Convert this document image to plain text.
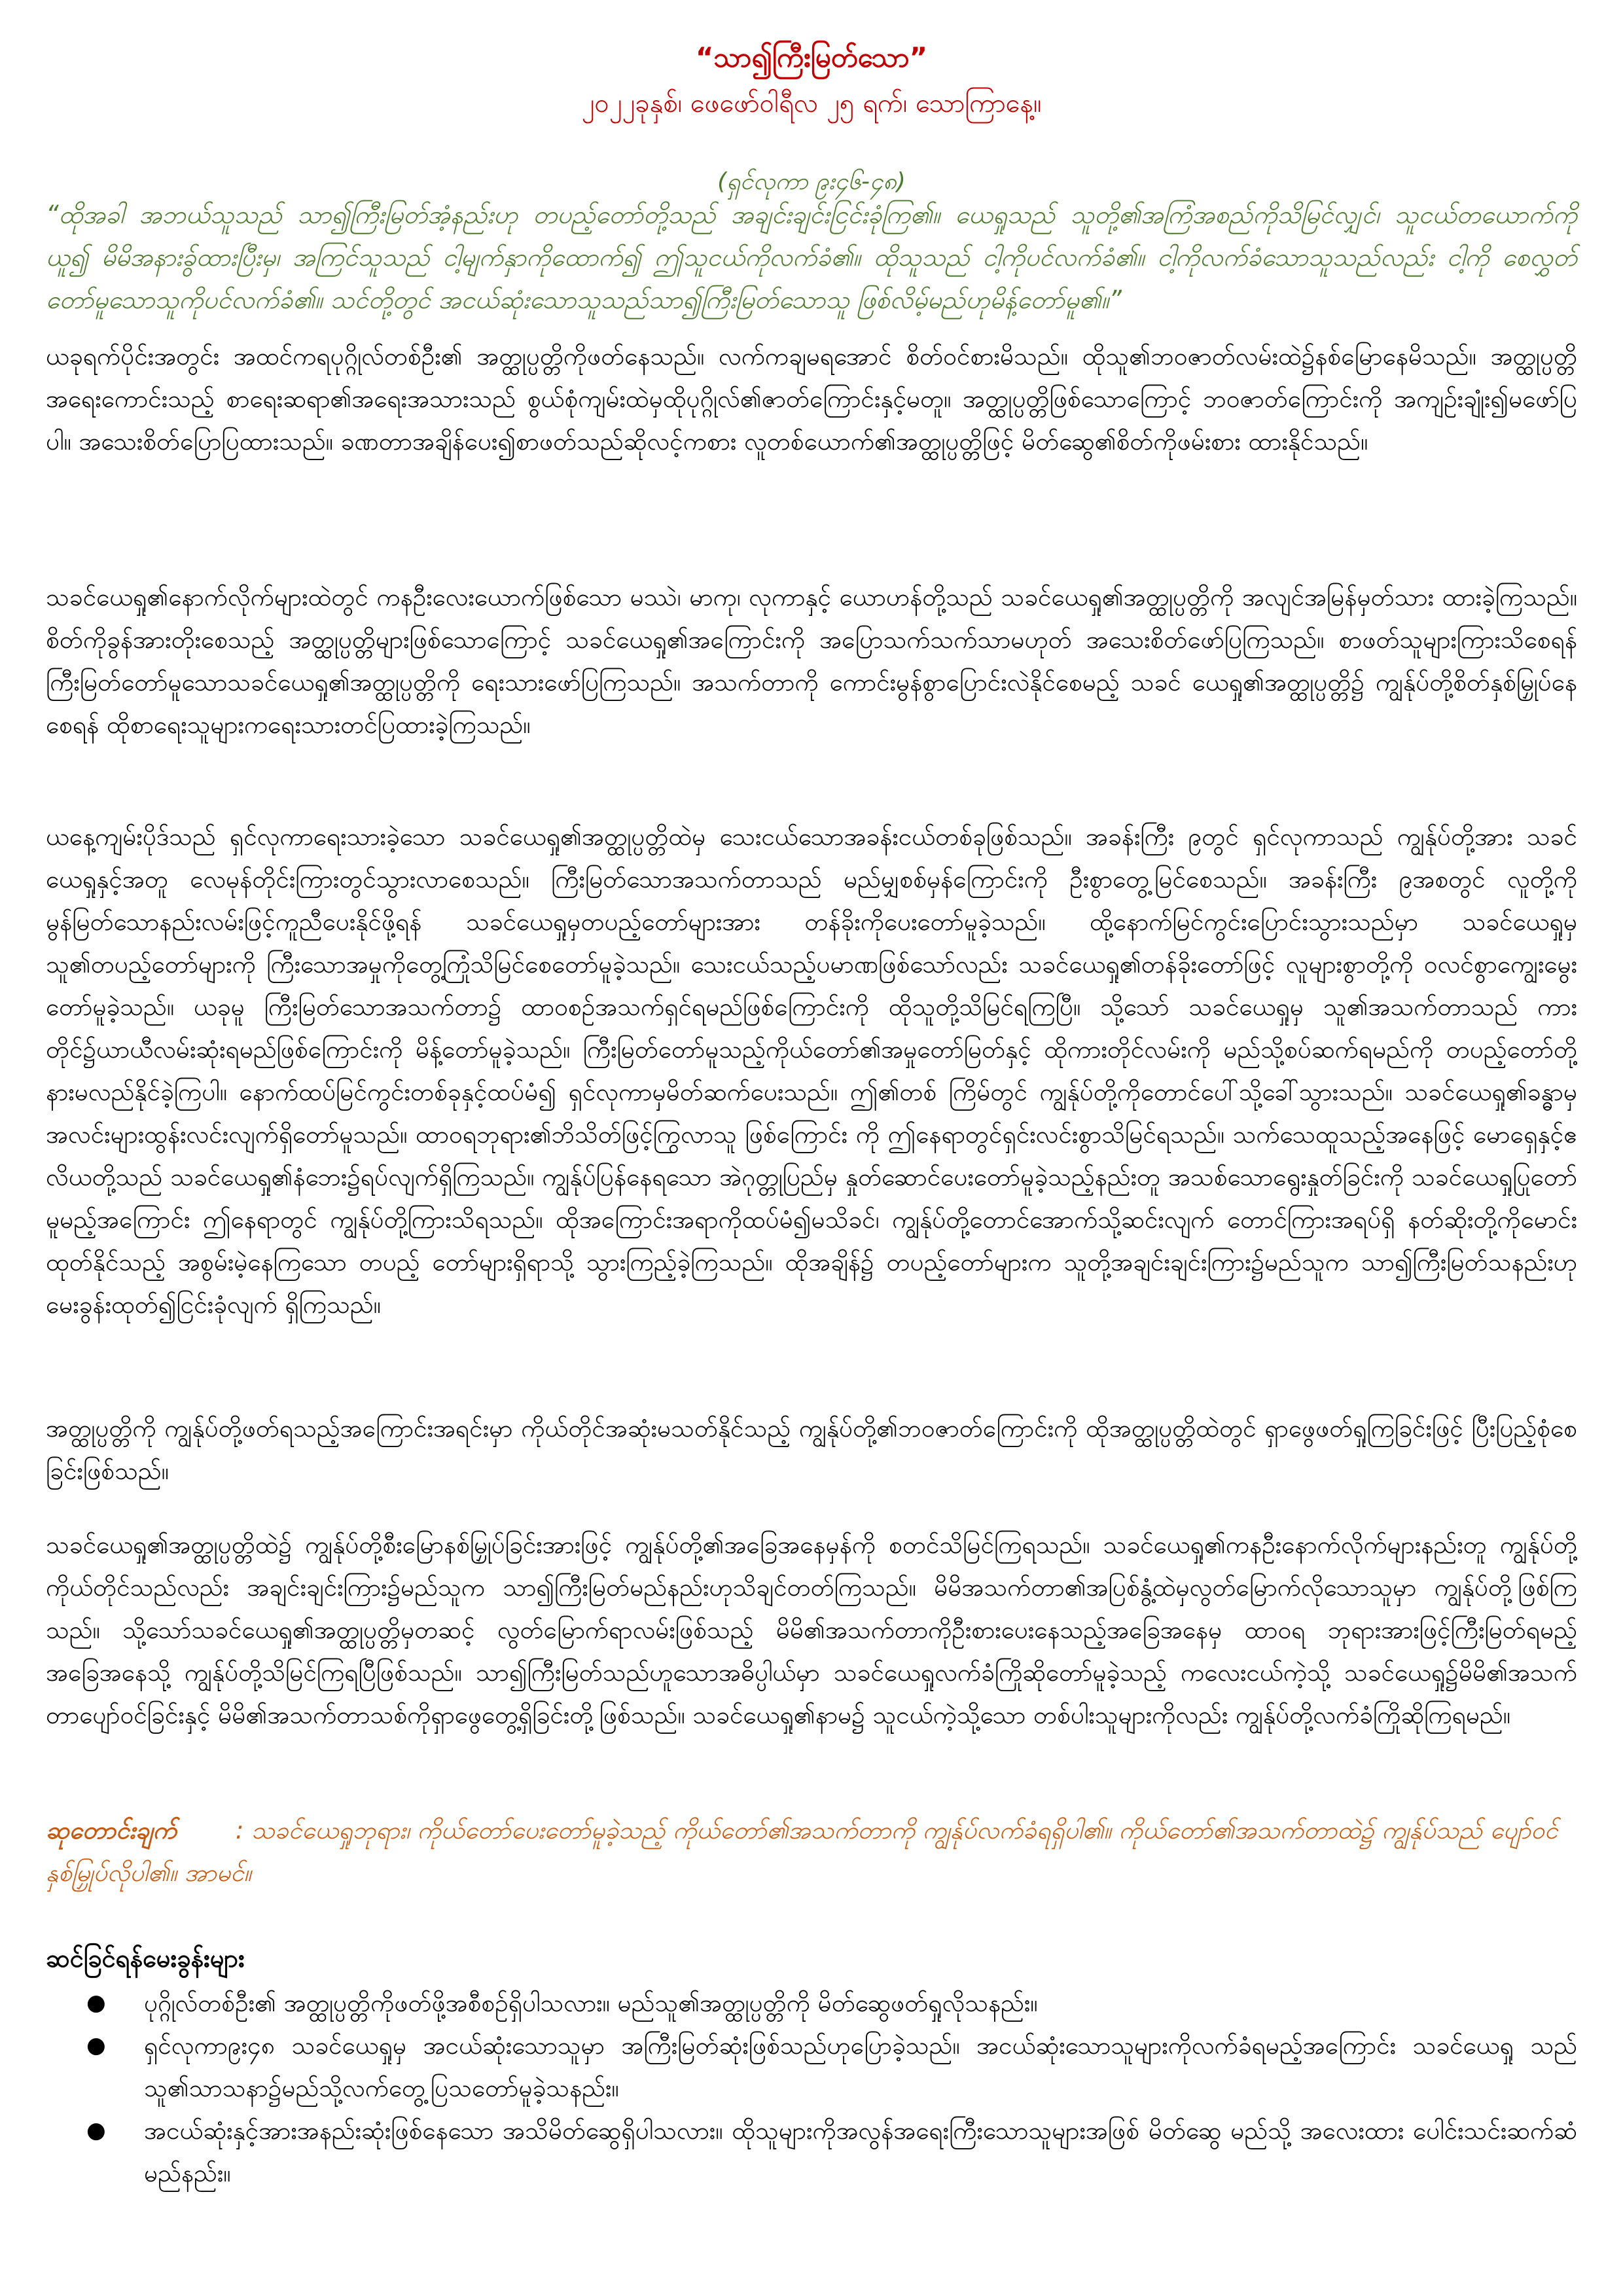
“သာ၍ကြီးမြတ်သော”
၂၀၂၂ခုနှစ်၊ ဖေဖော်ဝါရီလ ၂၅ ရက်၊ သောကြာနေ့။
(ရှင်လုကာ ၉း၄၆-၄၈)
“ထိုအခါ အဘယ်သူသည် သာ၍ကြီးမြတ်အံ့နည်းဟု တပည့်တော်တို့သည် အချင်းချင်းငြင်းခုံကြ၏။ ယေရှုသည် သူတို့၏အကြံအစည်ကိုသိမြင်လျှင်၊ သူငယ်တယောက်ကို ယူ၍ မိမိအနားခွ်ထားပြီးမှ၊ အကြင်သူသည် ငါ့မျက်နှာကိုထောက်၍ ဤသူငယ်ကိုလက်ခံ၏။ ထိုသူသည် ငါ့ကိုပင်လက်ခံ၏။ ငါ့ကိုလက်ခံသောသူသည်လည်း ငါ့ကို စေလွှတ်တော်မူသောသူကိုပင်လက်ခံ၏။ သင်တို့တွင် အငယ်ဆုံးသောသူသည်သာ၍ကြီးမြတ်သောသူ ဖြစ်လိမ့်မည်ဟုမိန့်တော်မူ၏။”
ယခုရက်ပိုင်းအတွင်း အထင်ကရပုဂ္ဂိုလ်တစ်ဦး၏ အတ္ထုပ္ပတ္တိကိုဖတ်နေသည်။ လက်ကချမရအောင် စိတ်ဝင်စားမိသည်။ ထိုသူ၏ဘဝဇာတ်လမ်းထဲ၌နစ်မြောနေမိသည်။ အတ္ထုပ္ပတ္တိအရေးကောင်းသည့် စာရေးဆရာ၏အရေးအသားသည် စွယ်စုံကျမ်းထဲမှထိုပုဂ္ဂိုလ်၏ဇာတ်ကြောင်းနှင့်မတူ။ အတ္ထုပ္ပတ္တိဖြစ်သောကြောင့် ဘဝဇာတ်ကြောင်းကို အကျဉ်းချုံး၍မဖော်ပြပါ။ အသေးစိတ်ပြောပြထားသည်။ ခဏတာအချိန်ပေး၍စာဖတ်သည်ဆိုလင့်ကစား လူတစ်ယောက်၏အတ္ထုပ္ပတ္တိဖြင့် မိတ်ဆွေ၏စိတ်ကိုဖမ်းစား ထားနိုင်သည်။
သခင်ယေရှု၏နောက်လိုက်များထဲတွင် ကနဦးလေးယောက်ဖြစ်သော မဿဲ၊ မာကု၊ လုကာနှင့် ယောဟန်တို့သည် သခင်ယေရှု၏အတ္ထုပ္ပတ္တိကို အလျင်အမြန်မှတ်သား ထားခဲ့ကြသည်။ စိတ်ကိုခွန်အားတိုးစေသည့် အတ္ထုပ္ပတ္တိများဖြစ်သောကြောင့် သခင်ယေရှု၏အကြောင်းကို အပြောသက်သက်သာမဟုတ် အသေးစိတ်ဖော်ပြကြသည်။ စာဖတ်သူများကြားသိစေရန် ကြီးမြတ်တော်မူသောသခင်ယေရှု၏အတ္ထုပ္ပတ္တိကို ရေးသားဖော်ပြကြသည်။ အသက်တာကို ကောင်းမွန်စွာပြောင်းလဲနိုင်စေမည့် သခင် ယေရှု၏အတ္ထုပ္ပတ္တိ၌ ကျွန်ုပ်တို့စိတ်နှစ်မြှုပ်နေစေရန် ထိုစာရေးသူများကရေးသားတင်ပြထားခဲ့ကြသည်။
ယနေ့ကျမ်းပိုဒ်သည် ရှင်လုကာရေးသားခဲ့သော သခင်ယေရှု၏အတ္ထုပ္ပတ္တိထဲမှ သေးငယ်သောအခန်းငယ်တစ်ခုဖြစ်သည်။ အခန်းကြီး ၉တွင် ရှင်လုကာသည် ကျွန်ုပ်တို့အား သခင်ယေရှုနှင့်အတူ လေမုန်တိုင်းကြားတွင်သွားလာစေသည်။ ကြီးမြတ်သောအသက်တာသည် မည်မျှစစ်မှန်ကြောင်းကို ဦးစွာတွေ့မြင်စေသည်။ အခန်းကြီး ၉အစတွင် လူတို့ကို မွန်မြတ်သောနည်းလမ်းဖြင့်ကူညီပေးနိုင်ဖို့ရန် သခင်ယေရှုမှတပည့်တော်များအား တန်ခိုးကိုပေးတော်မူခဲ့သည်။ ထို့နောက်မြင်ကွင်းပြောင်းသွားသည်မှာ သခင်ယေရှုမှ သူ၏တပည့်တော်များကို ကြီးသောအမှုကိုတွေ့ကြုံသိမြင်စေတော်မူခဲ့သည်။ သေးငယ်သည့်ပမာဏဖြစ်သော်လည်း သခင်ယေရှု၏တန်ခိုးတော်ဖြင့် လူများစွာတို့ကို ဝလင်စွာကျွေးမွေးတော်မူခဲ့သည်။ ယခုမူ ကြီးမြတ်သောအသက်တာ၌ ထာဝစဉ်အသက်ရှင်ရမည်ဖြစ်ကြောင်းကို ထိုသူတို့သိမြင်ရကြပြီ။ သို့သော် သခင်ယေရှုမှ သူ၏အသက်တာသည် ကားတိုင်၌ယာယီလမ်းဆုံးရမည်ဖြစ်ကြောင်းကို မိန့်တော်မူခဲ့သည်။ ကြီးမြတ်တော်မူသည့်ကိုယ်တော်၏အမှုတော်မြတ်နှင့် ထိုကားတိုင်လမ်းကို မည်သို့စပ်ဆက်ရမည်ကို တပည့်တော်တို့နားမလည်နိုင်ခဲ့ကြပါ။ နောက်ထပ်မြင်ကွင်းတစ်ခုနှင့်ထပ်မံ၍ ရှင်လုကာမှမိတ်ဆက်ပေးသည်။ ဤ၏တစ် ကြိမ်တွင် ကျွန်ုပ်တို့ကိုတောင်ပေါ်သို့ခေါ်သွားသည်။ သခင်ယေရှု၏ခန္ဓာမှ အလင်းများထွန်းလင်းလျက်ရှိတော်မူသည်။ ထာဝရဘုရား၏ဘိသိတ်ဖြင့်ကြွလာသူ ဖြစ်ကြောင်း ကို ဤနေရာတွင်ရှင်းလင်းစွာသိမြင်ရသည်။ သက်သေထူသည့်အနေဖြင့် မောရှေနှင့်ဧလိယတို့သည် သခင်ယေရှု၏နံဘေး၌ရပ်လျက်ရှိကြသည်။ ကျွန်ုပ်ပြန်နေရသော အဲဂုတ္တုပြည်မှ နှုတ်ဆောင်ပေးတော်မူခဲ့သည့်နည်းတူ အသစ်သောရွေးနှုတ်ခြင်းကို သခင်ယေရှုပြုတော်မူမည့်အကြောင်း ဤနေရာတွင် ကျွန်ုပ်တို့ကြားသိရသည်။ ထိုအကြောင်းအရာကိုထပ်မံ၍မသိခင်၊ ကျွန်ုပ်တို့တောင်အောက်သို့ဆင်းလျက် တောင်ကြားအရပ်ရှိ နတ်ဆိုးတို့ကိုမောင်းထုတ်နိုင်သည့် အစွမ်းမဲ့နေကြသော တပည့် တော်များရှိရာသို့ သွားကြည့်ခဲ့ကြသည်။ ထိုအချိန်၌ တပည့်တော်များက သူတို့အချင်းချင်းကြား၌မည်သူက သာ၍ကြီးမြတ်သနည်းဟုမေးခွန်းထုတ်၍ငြင်းခုံလျက် ရှိကြသည်။
အတ္ထုပ္ပတ္တိကို ကျွန်ုပ်တို့ဖတ်ရသည့်အကြောင်းအရင်းမှာ ကိုယ်တိုင်အဆုံးမသတ်နိုင်သည့် ကျွန်ုပ်တို့၏ဘဝဇာတ်ကြောင်းကို ထိုအတ္ထုပ္ပတ္တိထဲတွင် ရှာဖွေဖတ်ရှုကြခြင်းဖြင့် ပြီးပြည့်စုံစေခြင်းဖြစ်သည်။
သခင်ယေရှု၏အတ္ထုပ္ပတ္တိထဲ၌ ကျွန်ုပ်တို့စီးမြောနစ်မြှုပ်ခြင်းအားဖြင့် ကျွန်ုပ်တို့၏အခြေအနေမှန်ကို စတင်သိမြင်ကြရသည်။ သခင်ယေရှု၏ကနဦးနောက်လိုက်များနည်းတူ ကျွန်ုပ်တို့ကိုယ်တိုင်သည်လည်း အချင်းချင်းကြား၌မည်သူက သာ၍ကြီးမြတ်မည်နည်းဟုသိချင်တတ်ကြသည်။ မိမိအသက်တာ၏အပြစ်နွံ့ထဲမှလွတ်မြောက်လိုသောသူမှာ ကျွန်ုပ်တို့ဖြစ်ကြသည်။ သို့သော်သခင်ယေရှု၏အတ္ထုပ္ပတ္တိမှတဆင့် လွတ်မြောက်ရာလမ်းဖြစ်သည့် မိမိ၏အသက်တာကိုဦးစားပေးနေသည့်အခြေအနေမှ ထာဝရ ဘုရားအားဖြင့်ကြီးမြတ်ရမည့်အခြေအနေသို့ ကျွန်ုပ်တို့သိမြင်ကြရပြီဖြစ်သည်။ သာ၍ကြီးမြတ်သည်ဟူသောအဓိပ္ပါယ်မှာ သခင်ယေရှုလက်ခံကြိုဆိုတော်မူခဲ့သည့် ကလေးငယ်ကဲ့သို့ သခင်ယေရှု၌မိမိ၏အသက်တာပျော်ဝင်ခြင်းနှင့် မိမိ၏အသက်တာသစ်ကိုရှာဖွေတွေ့ရှိခြင်းတို့ဖြစ်သည်။ သခင်ယေရှု၏နာမ၌ သူငယ်ကဲ့သို့သော တစ်ပါးသူများကိုလည်း ကျွန်ုပ်တို့လက်ခံကြိုဆိုကြရမည်။
ဆုတောင်းချက် : သခင်ယေရှုဘုရား၊ ကိုယ်တော်ပေးတော်မူခဲ့သည့် ကိုယ်တော်၏အသက်တာကို ကျွန်ုပ်လက်ခံရရှိပါ၏။ ကိုယ်တော်၏အသက်တာထဲ၌ ကျွန်ုပ်သည် ပျော်ဝင်နှစ်မြှုပ်လိုပါ၏။ အာမင်။
ဆင်ခြင်ရန်မေးခွန်းများ
● ပုဂ္ဂိုလ်တစ်ဦး၏ အတ္ထုပ္ပတ္တိကိုဖတ်ဖို့အစီစဉ်ရှိပါသလား။ မည်သူ၏အတ္ထုပ္ပတ္တိကို မိတ်ဆွေဖတ်ရှုလိုသနည်း။
● ရှင်လုကာ၉း၄၈ သခင်ယေရှုမှ အငယ်ဆုံးသောသူမှာ အကြီးမြတ်ဆုံးဖြစ်သည်ဟုပြောခဲ့သည်။ အငယ်ဆုံးသောသူများကိုလက်ခံရမည့်အကြောင်း သခင်ယေရှု သည် သူ၏သာသနာ၌မည်သို့လက်တွေ့ပြသတော်မူခဲ့သနည်း။
● အငယ်ဆုံးနှင့်အားအနည်းဆုံးဖြစ်နေသော အသိမိတ်ဆွေရှိပါသလား။ ထိုသူများကိုအလွန်အရေးကြီးသောသူများအဖြစ် မိတ်ဆွေ မည်သို့ အလေးထား ပေါင်းသင်းဆက်ဆံမည်နည်း။
